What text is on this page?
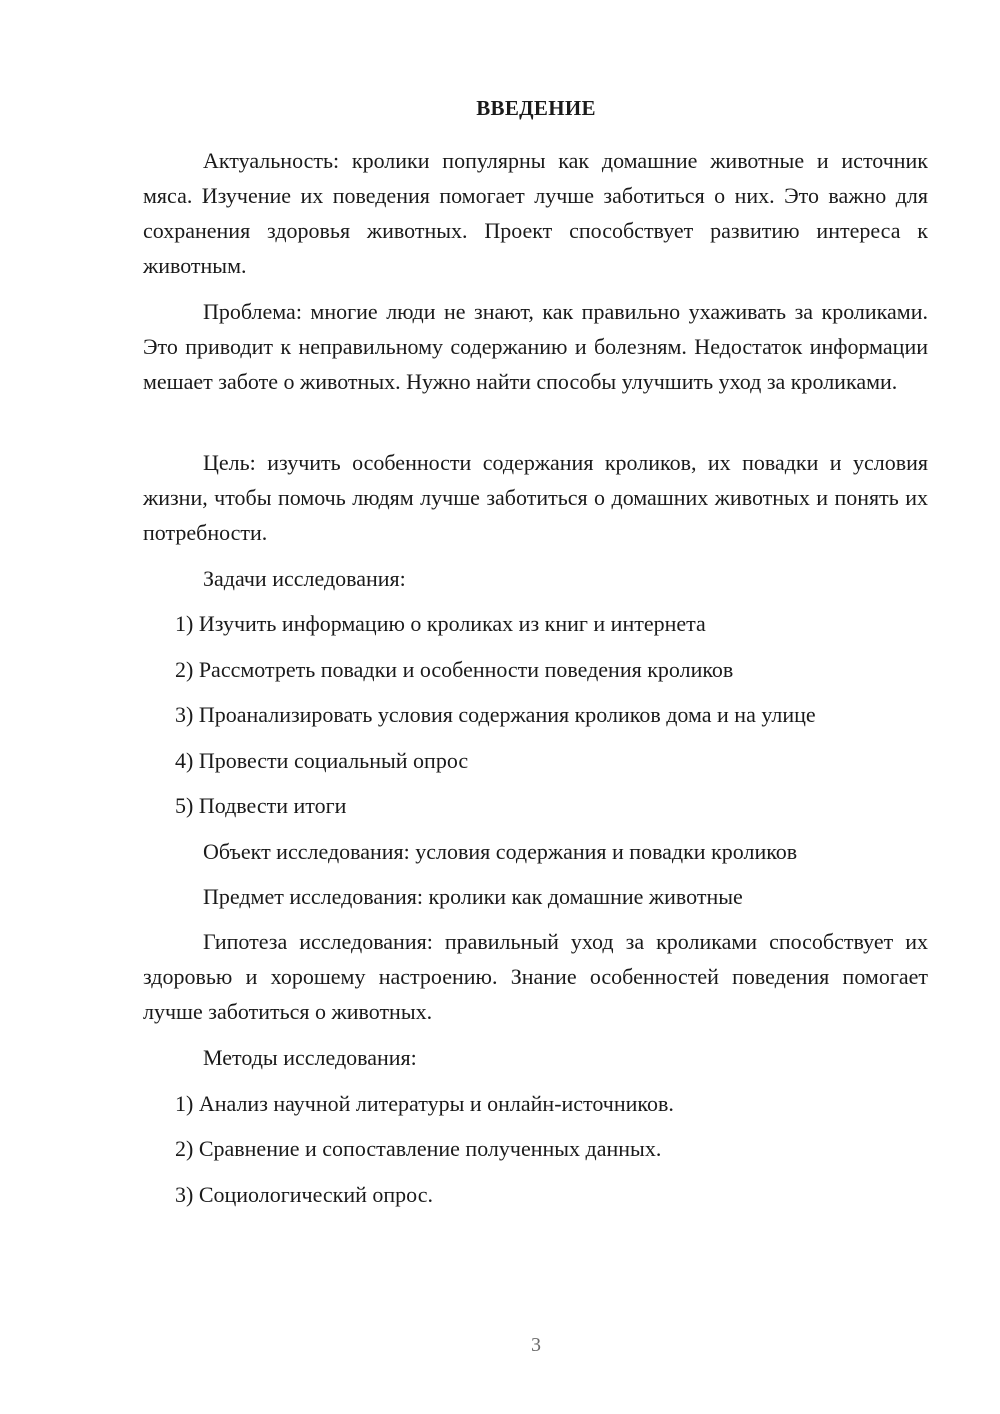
ВВЕДЕНИЕ
Актуальность: кролики популярны как домашние животные и источник мяса. Изучение их поведения помогает лучше заботиться о них. Это важно для сохранения здоровья животных. Проект способствует развитию интереса к животным.
Проблема: многие люди не знают, как правильно ухаживать за кроликами. Это приводит к неправильному содержанию и болезням. Недостаток информации мешает заботе о животных. Нужно найти способы улучшить уход за кроликами.
Цель: изучить особенности содержания кроликов, их повадки и условия жизни, чтобы помочь людям лучше заботиться о домашних животных и понять их потребности.
Задачи исследования:
1) Изучить информацию о кроликах из книг и интернета
2) Рассмотреть повадки и особенности поведения кроликов
3) Проанализировать условия содержания кроликов дома и на улице
4) Провести социальный опрос
5) Подвести итоги
Объект исследования: условия содержания и повадки кроликов
Предмет исследования: кролики как домашние животные
Гипотеза исследования: правильный уход за кроликами способствует их здоровью и хорошему настроению. Знание особенностей поведения помогает лучше заботиться о животных.
Методы исследования:
1) Анализ научной литературы и онлайн-источников.
2) Сравнение и сопоставление полученных данных.
3) Социологический опрос.
3
